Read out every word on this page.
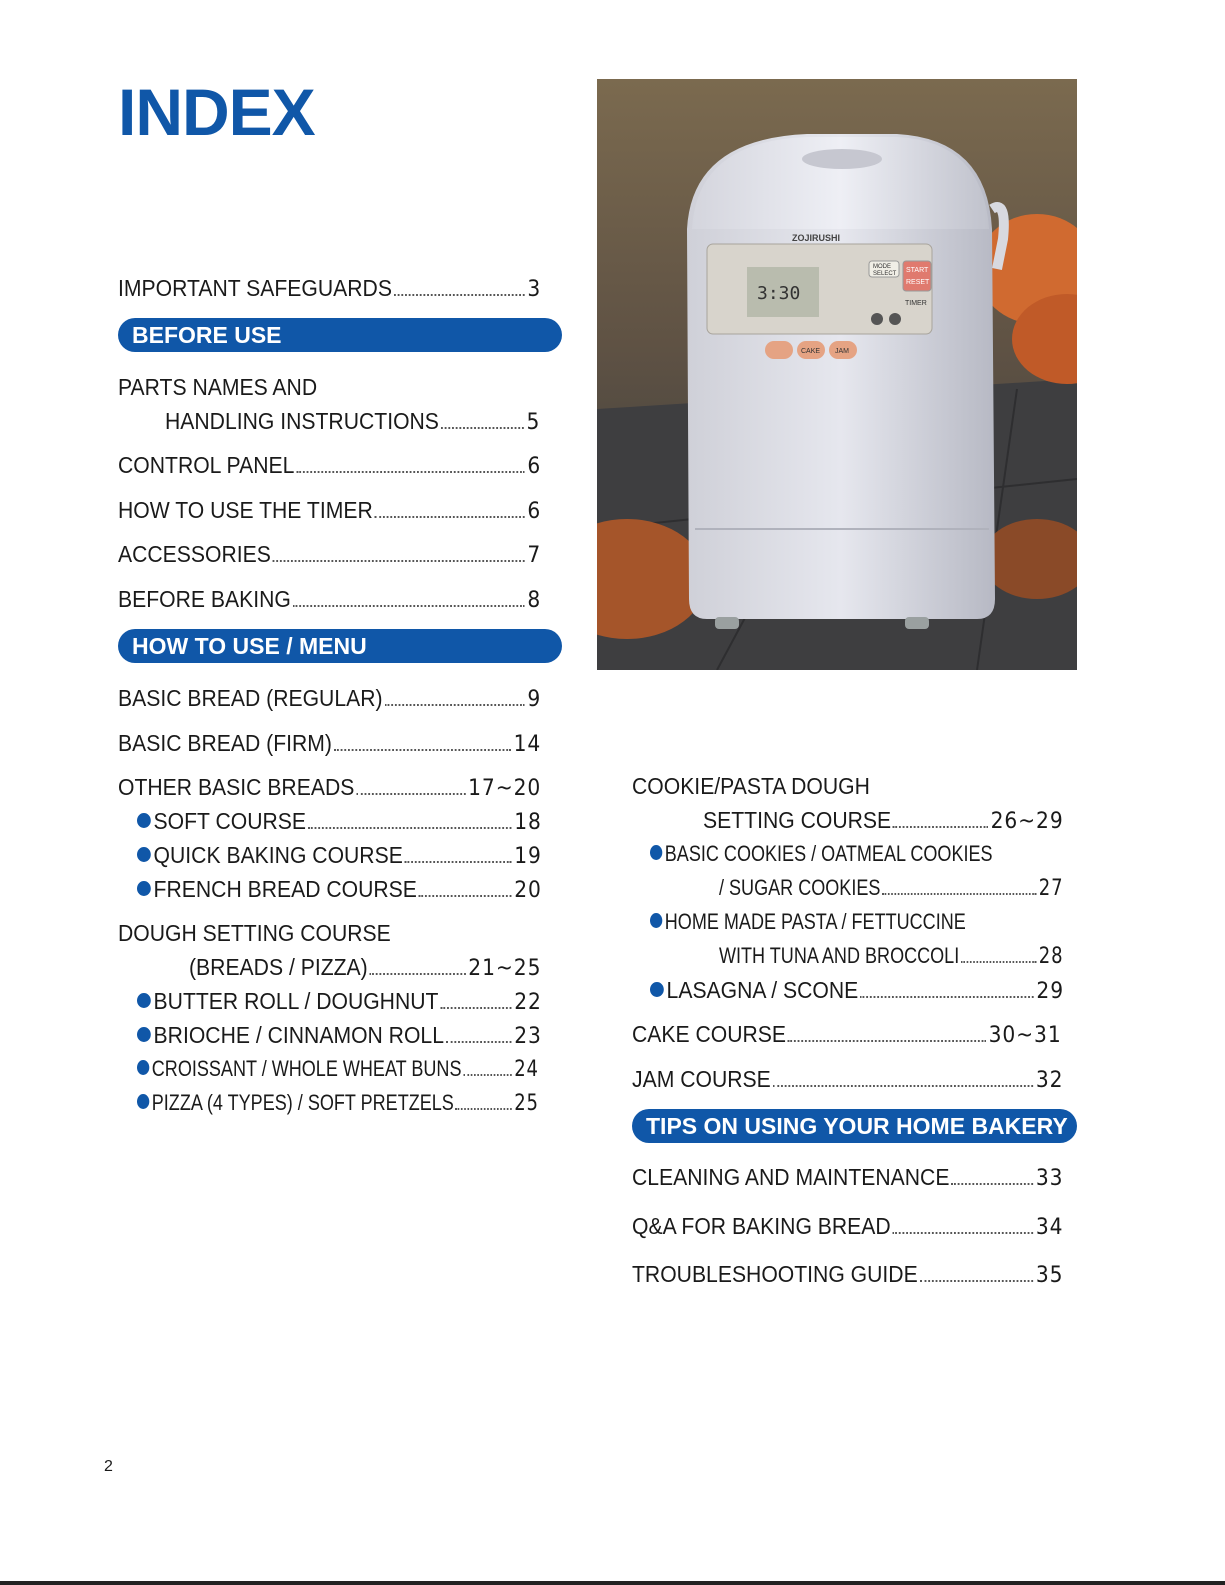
INDEX
IMPORTANT SAFEGUARDS	3
BEFORE USE
PARTS NAMES AND
HANDLING INSTRUCTIONS	5
CONTROL PANEL	6
HOW TO USE THE TIMER	6
ACCESSORIES	7
BEFORE BAKING	8
HOW TO USE / MENU
BASIC BREAD (REGULAR)	9
BASIC BREAD (FIRM)	14
OTHER BASIC BREADS	17~20
SOFT COURSE	18
QUICK BAKING COURSE	19
FRENCH BREAD COURSE	20
DOUGH SETTING COURSE
(BREADS / PIZZA)	21~25
BUTTER ROLL / DOUGHNUT	22
BRIOCHE / CINNAMON ROLL	23
CROISSANT / WHOLE WHEAT BUNS 24
PIZZA (4 TYPES) / SOFT PRETZELS	25
3:30
ZOJIRUSHI
MODE
SELECT START
RESET
TIMER
CAKE JAM
COOKIE/PASTA DOUGH
SETTING COURSE	26~29
BASIC COOKIES / OATMEAL COOKIES
/ SUGAR COOKIES	27
HOME MADE PASTA / FETTUCCINE
WITH TUNA AND BROCCOLI	28
LASAGNA / SCONE	29
CAKE COURSE	30~31
JAM COURSE	32
TIPS ON USING YOUR HOME BAKERY
CLEANING AND MAINTENANCE	33
Q&A FOR BAKING BREAD	34
TROUBLESHOOTING GUIDE	35
2
